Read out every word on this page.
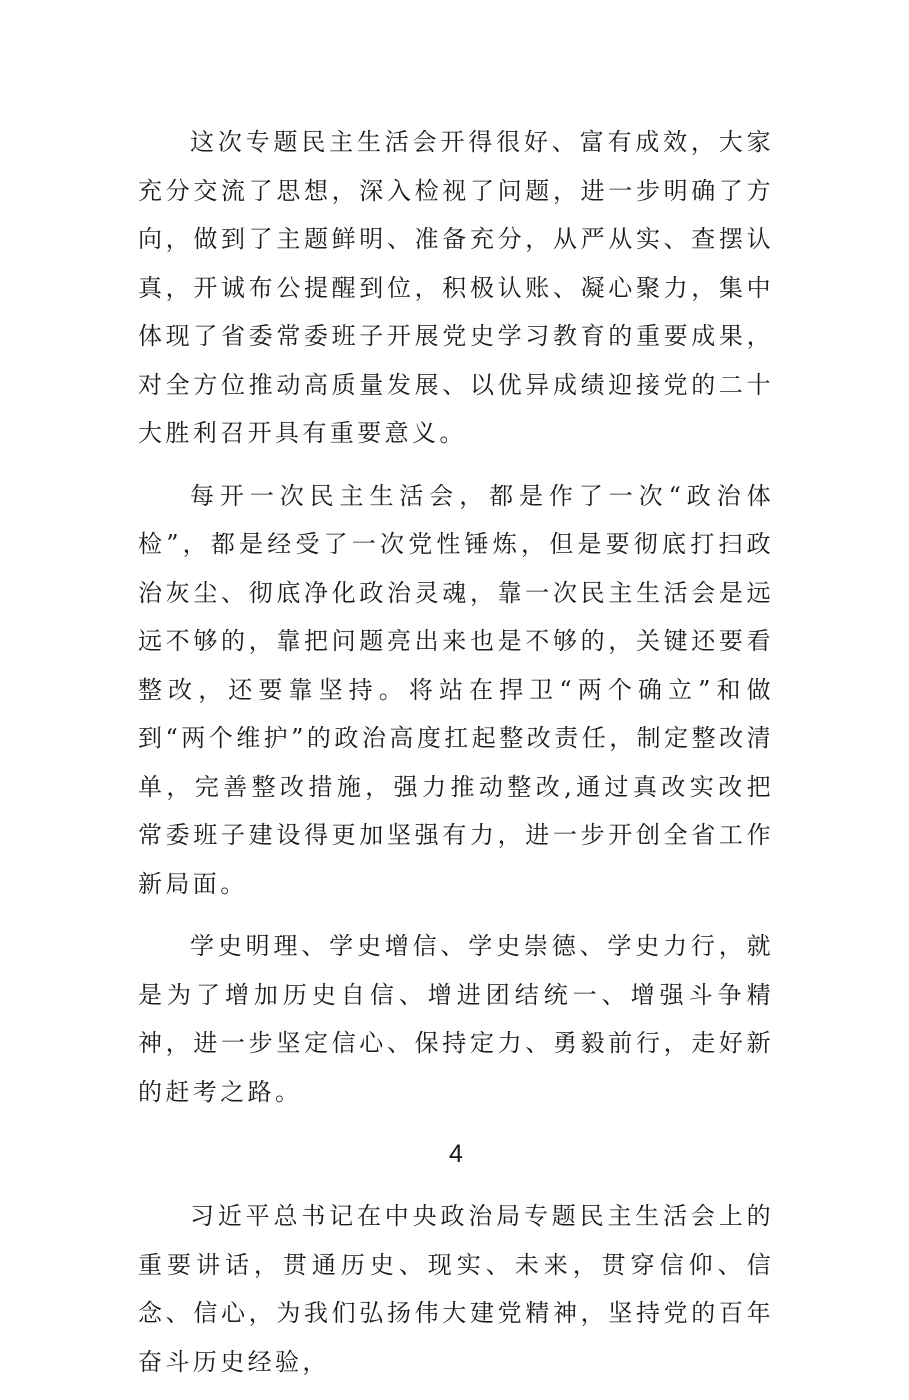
这次专题民主生活会开得很好、富有成效，大家充分交流了思想，深入检视了问题，进一步明确了方向，做到了主题鲜明、准备充分，从严从实、查摆认真，开诚布公提醒到位，积极认账、凝心聚力，集中体现了省委常委班子开展党史学习教育的重要成果，对全方位推动高质量发展、以优异成绩迎接党的二十大胜利召开具有重要意义。

每开一次民主生活会，都是作了一次“政治体检”，都是经受了一次党性锤炼，但是要彻底打扫政治灰尘、彻底净化政治灵魂，靠一次民主生活会是远远不够的，靠把问题亮出来也是不够的，关键还要看整改，还要靠坚持。将站在捍卫“两个确立”和做到“两个维护”的政治高度扛起整改责任，制定整改清单，完善整改措施，强力推动整改,通过真改实改把常委班子建设得更加坚强有力，进一步开创全省工作新局面。

学史明理、学史增信、学史崇德、学史力行，就是为了增加历史自信、增进团结统一、增强斗争精神，进一步坚定信心、保持定力、勇毅前行，走好新的赶考之路。

4

习近平总书记在中央政治局专题民主生活会上的重要讲话，贯通历史、现实、未来，贯穿信仰、信念、信心，为我们弘扬伟大建党精神，坚持党的百年奋斗历史经验，
